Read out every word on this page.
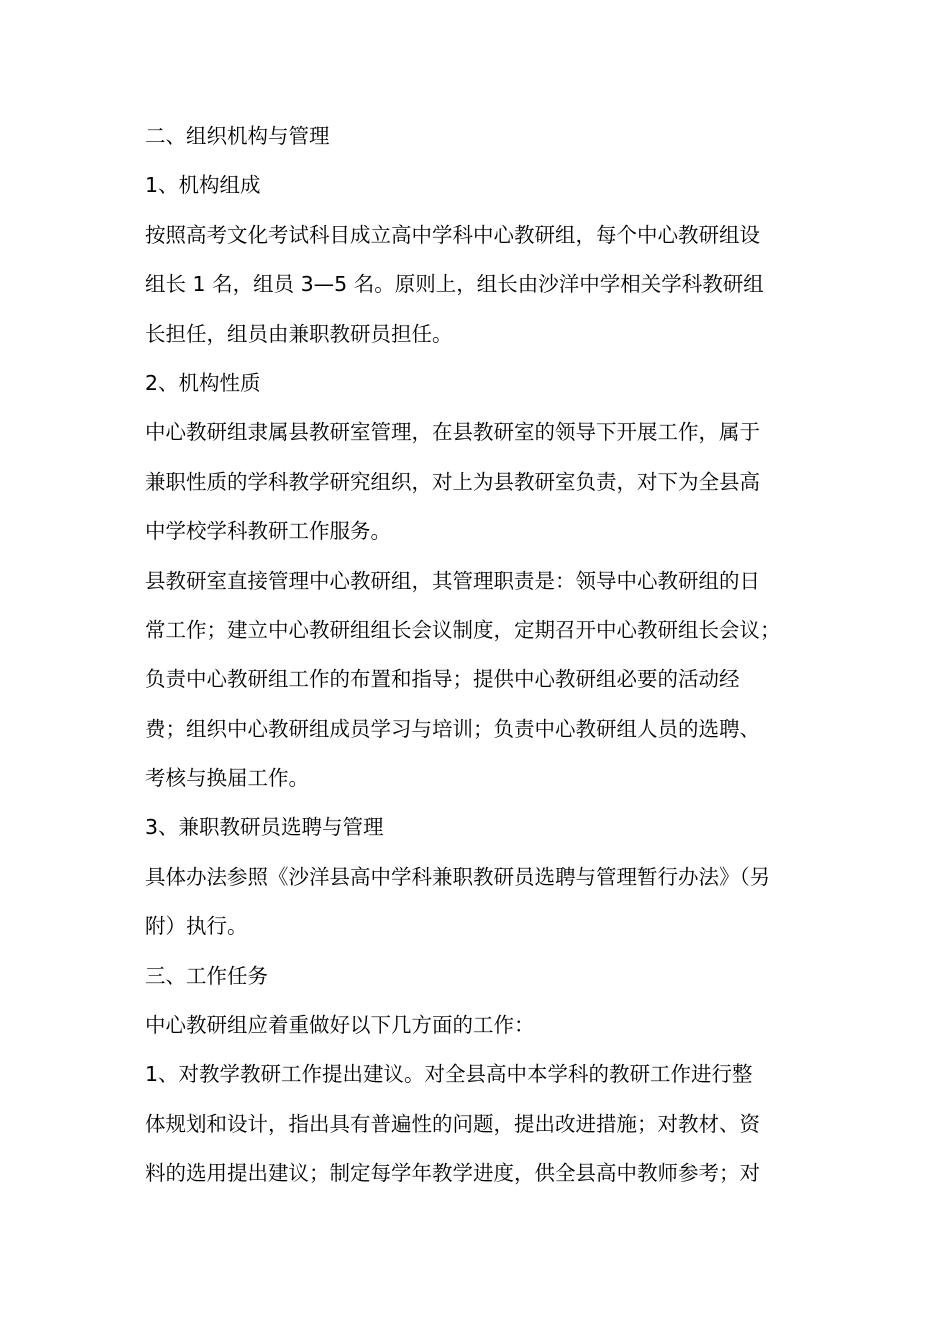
二、组织机构与管理
1、机构组成
按照高考文化考试科目成立高中学科中心教研组，每个中心教研组设
组长 1 名，组员 3—5 名。原则上，组长由沙洋中学相关学科教研组
长担任，组员由兼职教研员担任。
2、机构性质
中心教研组隶属县教研室管理，在县教研室的领导下开展工作，属于
兼职性质的学科教学研究组织，对上为县教研室负责，对下为全县高
中学校学科教研工作服务。
县教研室直接管理中心教研组，其管理职责是：领导中心教研组的日
常工作；建立中心教研组组长会议制度，定期召开中心教研组长会议；
负责中心教研组工作的布置和指导；提供中心教研组必要的活动经
费；组织中心教研组成员学习与培训；负责中心教研组人员的选聘、
考核与换届工作。
3、兼职教研员选聘与管理
具体办法参照《沙洋县高中学科兼职教研员选聘与管理暂行办法》（另
附）执行。
三、工作任务
中心教研组应着重做好以下几方面的工作：
1、对教学教研工作提出建议。对全县高中本学科的教研工作进行整
体规划和设计，指出具有普遍性的问题，提出改进措施；对教材、资
料的选用提出建议；制定每学年教学进度，供全县高中教师参考；对
